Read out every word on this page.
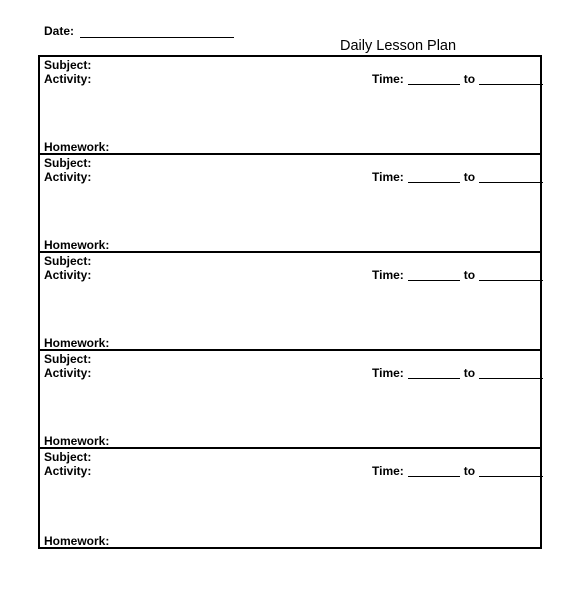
Date:
Daily Lesson Plan
Subject:
Activity:	Time:	to
Homework:
Subject:
Activity:	Time:	to
Homework:
Subject:
Activity:	Time:	to
Homework:
Subject:
Activity:	Time:	to
Homework:
Subject:
Activity:	Time:	to
Homework:
